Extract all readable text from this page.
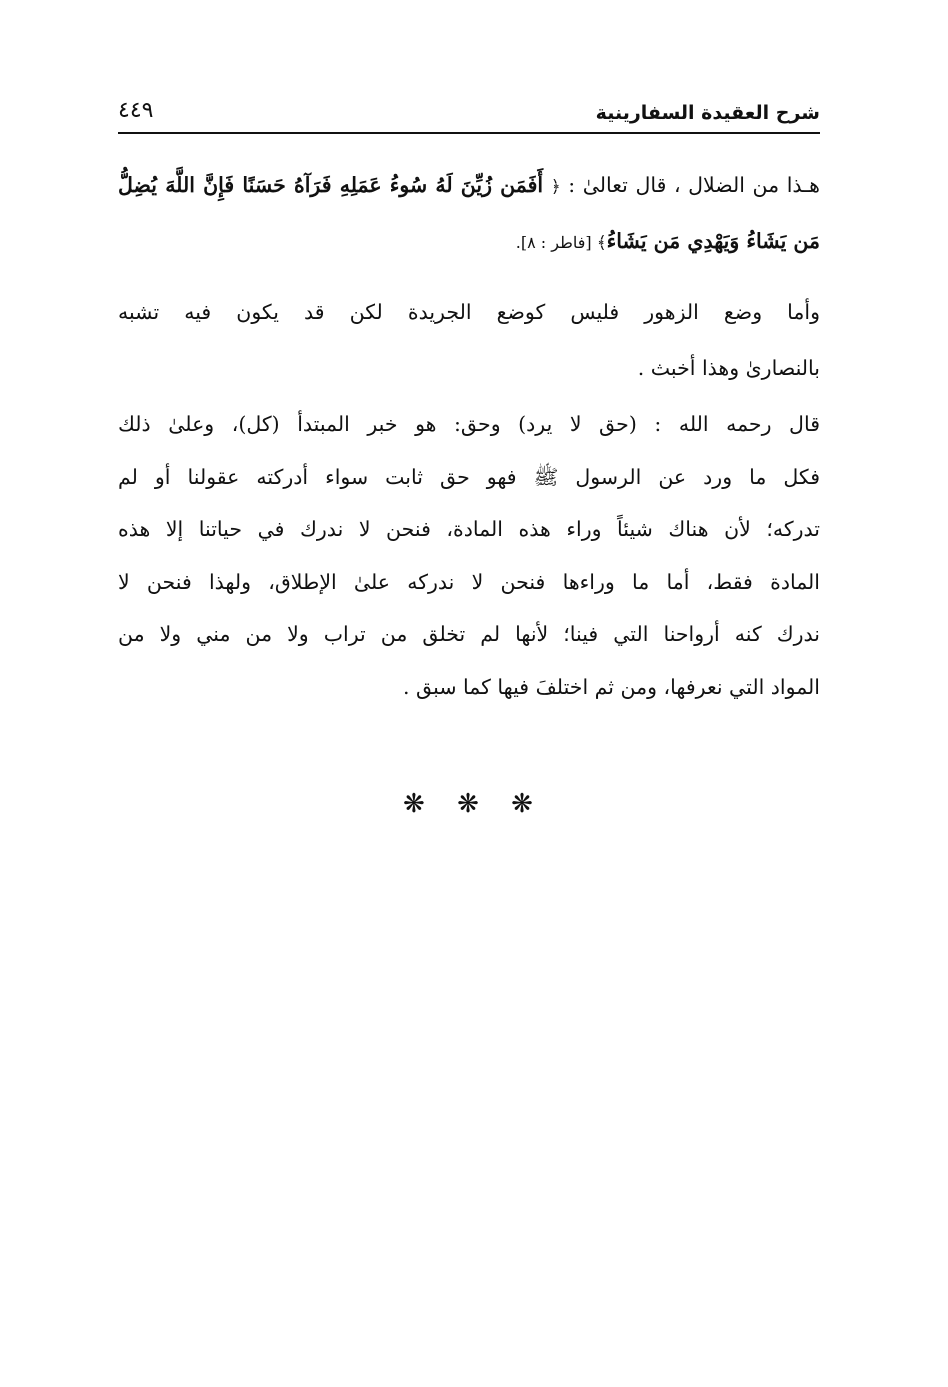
شرح العقيدة السفارينية
٤٤٩
هـذا من الضلال ، قال تعالىٰ : ﴿ أَفَمَن زُيِّنَ لَهُ سُوءُ عَمَلِهِ فَرَآهُ حَسَنًا فَإِنَّ اللَّهَ يُضِلُّ
مَن يَشَاءُ وَيَهْدِي مَن يَشَاءُ﴾ [فاطر : ٨].
وأما وضع الزهور فليس كوضع الجريدة لكن قد يكون فيه تشبه
بالنصارىٰ وهذا أخبث .
قال رحمه الله : (حق لا يرد) وحق: هو خبر المبتدأ (كل)، وعلىٰ ذلك
فكل ما ورد عن الرسول ﷺ فهو حق ثابت سواء أدركته عقولنا أو لم
تدركه؛ لأن هناك شيئاً وراء هذه المادة، فنحن لا ندرك في حياتنا إلا هذه
المادة فقط، أما ما وراءها فنحن لا ندركه علىٰ الإطلاق، ولهذا فنحن لا
ندرك كنه أرواحنا التي فينا؛ لأنها لم تخلق من تراب ولا من مني ولا من
المواد التي نعرفها، ومن ثم اختلفَ فيها كما سبق .
❋ ❋ ❋
